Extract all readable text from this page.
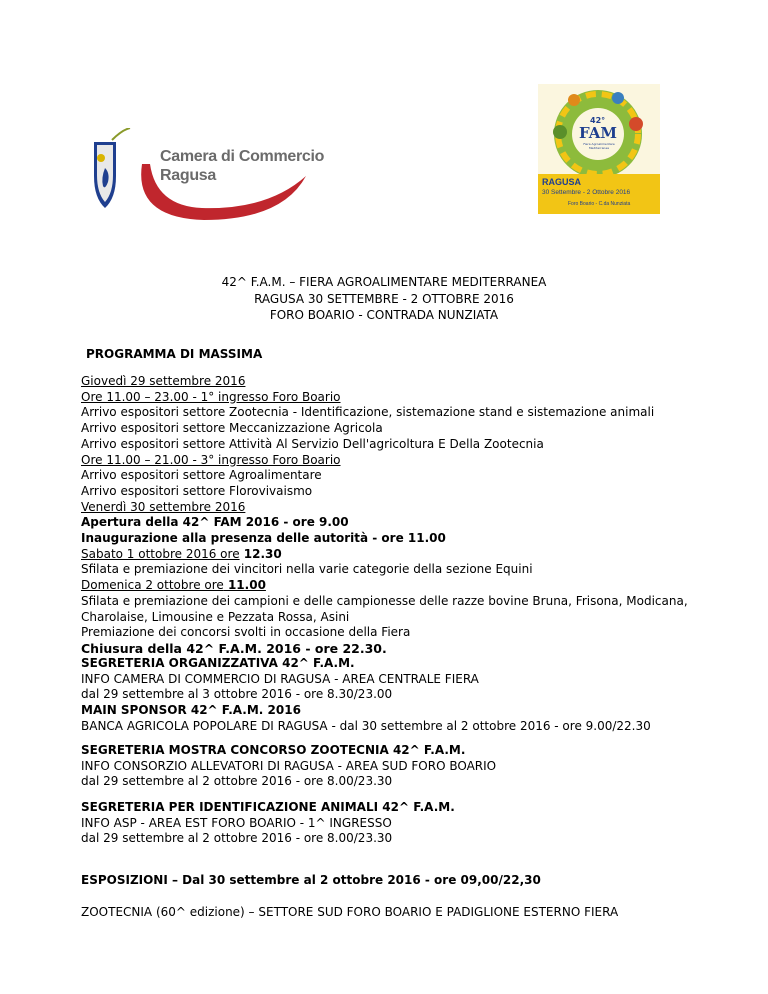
Camera di Commercio
Ragusa
42°
FAM
Fiera Agroalimentare Mediterranea
RAGUSA
30 Settembre - 2 Ottobre 2016
Foro Boario - C.da Nunziata
42^ F.A.M. – FIERA AGROALIMENTARE MEDITERRANEA
RAGUSA 30 SETTEMBRE - 2 OTTOBRE 2016
FORO BOARIO - CONTRADA NUNZIATA
PROGRAMMA DI MASSIMA
Giovedì 29 settembre 2016
Ore 11.00 – 23.00 - 1° ingresso Foro Boario
Arrivo espositori settore Zootecnia - Identificazione, sistemazione stand e sistemazione animali
Arrivo espositori settore Meccanizzazione Agricola
Arrivo espositori settore Attività Al Servizio Dell'agricoltura E Della Zootecnia
Ore 11.00 – 21.00 - 3° ingresso Foro Boario
Arrivo espositori settore Agroalimentare
Arrivo espositori settore Florovivaismo
Venerdì 30 settembre 2016
Apertura della 42^ FAM 2016 - ore 9.00
Inaugurazione alla presenza delle autorità - ore 11.00
Sabato 1 ottobre 2016 ore 12.30
Sfilata e premiazione dei vincitori nella varie categorie della sezione Equini
Domenica 2 ottobre ore 11.00
Sfilata e premiazione dei campioni e delle campionesse delle razze bovine Bruna, Frisona, Modicana,
Charolaise, Limousine e Pezzata Rossa, Asini
Premiazione dei concorsi svolti in occasione della Fiera
Chiusura della 42^ F.A.M. 2016 - ore 22.30.
SEGRETERIA ORGANIZZATIVA 42^ F.A.M.
INFO CAMERA DI COMMERCIO DI RAGUSA - AREA CENTRALE FIERA
dal 29 settembre al 3 ottobre 2016 - ore 8.30/23.00
MAIN SPONSOR 42^ F.A.M. 2016
BANCA AGRICOLA POPOLARE DI RAGUSA - dal 30 settembre al 2 ottobre 2016 - ore 9.00/22.30
SEGRETERIA MOSTRA CONCORSO ZOOTECNIA 42^ F.A.M.
INFO CONSORZIO ALLEVATORI DI RAGUSA - AREA SUD FORO BOARIO
dal 29 settembre al 2 ottobre 2016 - ore 8.00/23.30
SEGRETERIA PER IDENTIFICAZIONE ANIMALI 42^ F.A.M.
INFO ASP - AREA EST FORO BOARIO - 1^ INGRESSO
dal 29 settembre al 2 ottobre 2016 - ore 8.00/23.30
ESPOSIZIONI – Dal 30 settembre al 2 ottobre 2016 - ore 09,00/22,30
ZOOTECNIA (60^ edizione) – SETTORE SUD FORO BOARIO E PADIGLIONE ESTERNO FIERA
